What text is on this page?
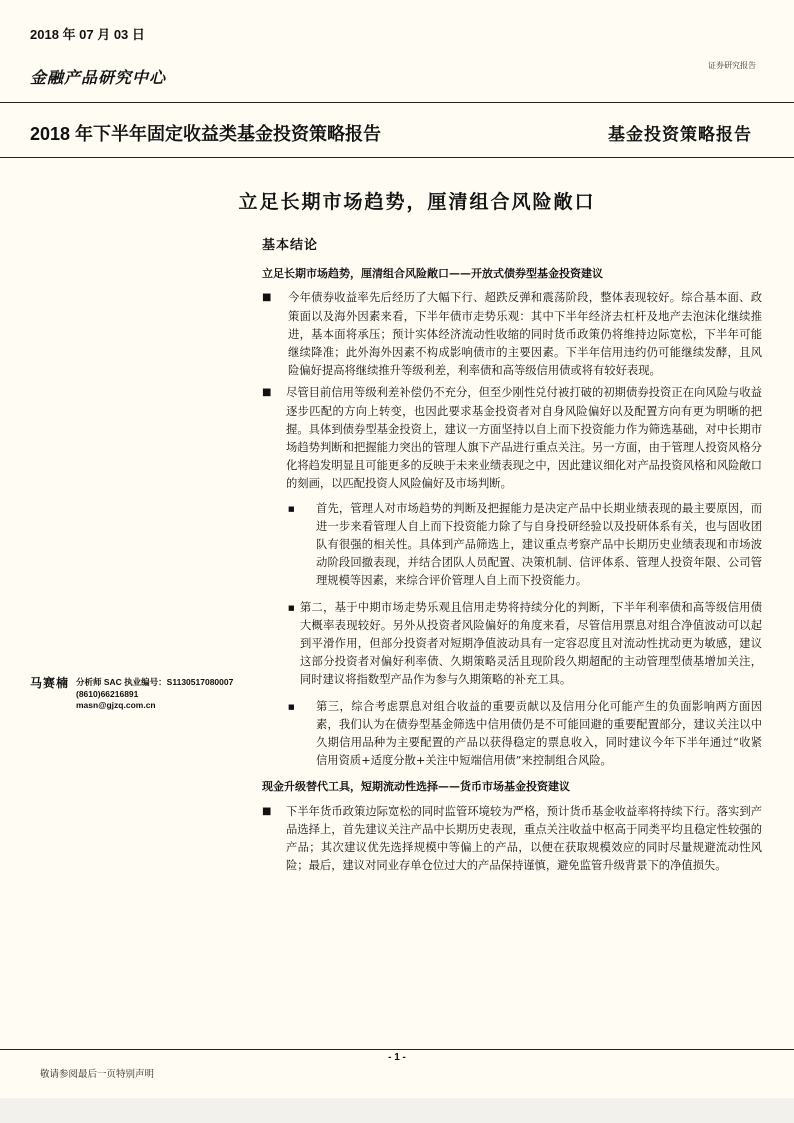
2018 年 07 月 03 日
金融产品研究中心
证券研究报告
2018 年下半年固定收益类基金投资策略报告	基金投资策略报告
立足长期市场趋势，厘清组合风险敞口
马赛楠 分析师 SAC 执业编号：S1130517080007
(8610)66216891
masn@gjzq.com.cn
基本结论
立足长期市场趋势，厘清组合风险敞口——开放式债券型基金投资建议
■ 今年债券收益率先后经历了大幅下行、超跌反弹和震荡阶段，整体表现较好。综合基本面、政策面以及海外因素来看，下半年债市走势乐观：其中下半年经济去杠杆及地产去泡沫化继续推进，基本面将承压；预计实体经济流动性收缩的同时货币政策仍将维持边际宽松，下半年可能继续降准；此外海外因素不构成影响债市的主要因素。下半年信用违约仍可能继续发酵，且风险偏好提高将继续推升等级利差，利率债和高等级信用债或将有较好表现。
■ 尽管目前信用等级利差补偿仍不充分，但至少刚性兑付被打破的初期债券投资正在向风险与收益逐步匹配的方向上转变，也因此要求基金投资者对自身风险偏好以及配置方向有更为明晰的把握。具体到债券型基金投资上，建议一方面坚持以自上而下投资能力作为筛选基础，对中长期市场趋势判断和把握能力突出的管理人旗下产品进行重点关注。另一方面，由于管理人投资风格分化将趋发明显且可能更多的反映于未来业绩表现之中，因此建议细化对产品投资风格和风险敞口的刻画，以匹配投资人风险偏好及市场判断。
■ 首先，管理人对市场趋势的判断及把握能力是决定产品中长期业绩表现的最主要原因，而进一步来看管理人自上而下投资能力除了与自身投研经验以及投研体系有关，也与固收团队有很强的相关性。具体到产品筛选上，建议重点考察产品中长期历史业绩表现和市场波动阶段回撤表现，并结合团队人员配置、决策机制、信评体系、管理人投资年限、公司管理规模等因素，来综合评价管理人自上而下投资能力。
■ 第二，基于中期市场走势乐观且信用走势将持续分化的判断，下半年利率债和高等级信用债大概率表现较好。另外从投资者风险偏好的角度来看，尽管信用票息对组合净值波动可以起到平滑作用，但部分投资者对短期净值波动具有一定容忍度且对流动性扰动更为敏感，建议这部分投资者对偏好利率债、久期策略灵活且现阶段久期超配的主动管理型债基增加关注，同时建议将指数型产品作为参与久期策略的补充工具。
■ 第三，综合考虑票息对组合收益的重要贡献以及信用分化可能产生的负面影响两方面因素，我们认为在债券型基金筛选中信用债仍是不可能回避的重要配置部分，建议关注以中久期信用品种为主要配置的产品以获得稳定的票息收入，同时建议今年下半年通过“收紧信用资质+适度分散+关注中短端信用债”来控制组合风险。
现金升级替代工具，短期流动性选择——货币市场基金投资建议
■ 下半年货币政策边际宽松的同时监管环境较为严格，预计货币基金收益率将持续下行。落实到产品选择上，首先建议关注产品中长期历史表现，重点关注收益中枢高于同类平均且稳定性较强的产品；其次建议优先选择规模中等偏上的产品，以便在获取规模效应的同时尽量规避流动性风险；最后，建议对同业存单仓位过大的产品保持谨慎，避免监管升级背景下的净值损失。
- 1 -
敬请参阅最后一页特别声明
